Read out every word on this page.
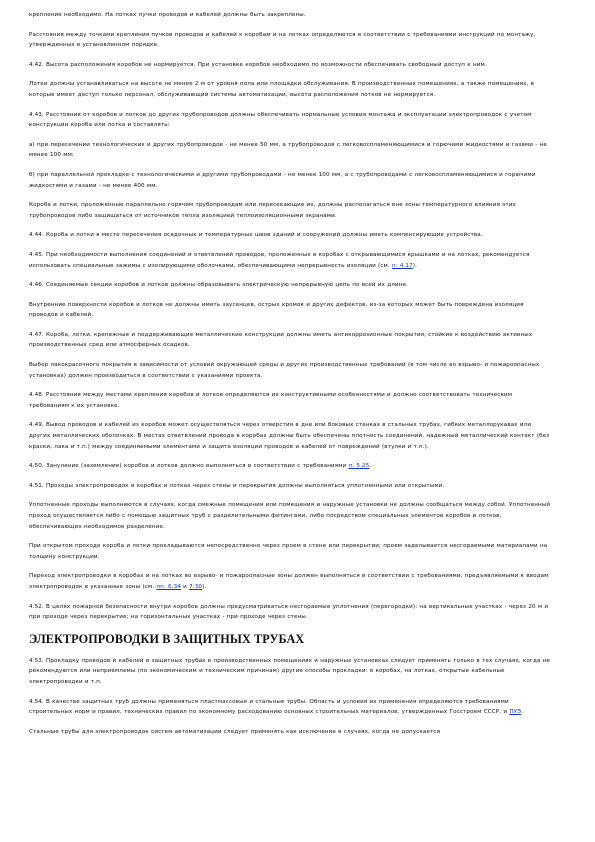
крепление необходимо. На лотках пучки проводов и кабелей должны быть закреплены.
Расстояния между точками крепления пучков проводов и кабелей к коробам и на лотках определяются в соответствии с требованиями инструкций по монтажу, утвержденных в установленном порядке.
4.42. Высота расположения коробов не нормируется. При установке коробов необходимо по возможности обеспечивать свободный доступ к ним.
Лотки должны устанавливаться на высоте не менее 2 м от уровня пола или площадки обслуживания. В производственных помещениях, а также помещениях, в которые имеет доступ только персонал, обслуживающий системы автоматизации, высота расположения лотков не нормируется.
4.43. Расстояния от коробов и лотков до других трубопроводов должны обеспечивать нормальные условия монтажа и эксплуатации электропроводок с учетом конструкции короба или лотка и составлять:
а) при пересечении технологических и других трубопроводов - не менее 50 мм, а трубопроводов с легковоспламеняющимися и горючими жидкостями и газами - не менее 100 мм;
б) при параллельной прокладке с технологическими и другими трубопроводами - не менее 100 мм, а с трубопроводами с легковоспламеняющимися и горючими жидкостями и газами - не менее 400 мм.
Короба и лотки, проложенные параллельно горячим трубопроводам или пересекающие их, должны располагаться вне зоны температурного влияния этих трубопроводов либо защищаться от источников тепла изоляцией теплоизоляционными экранами.
4.44. Короба и лотки в месте пересечения осадочных и температурных швов зданий и сооружений должны иметь компенсирующие устройства.
4.45. При необходимости выполнения соединений и ответвлений проводов, проложенных в коробах с открывающимися крышками и на лотках, рекомендуется использовать специальные зажимы с изолирующими оболочками, обеспечивающими непрерывность изоляции (см. п. 4.17).
4.46. Соединяемые секции коробов и лотков должны образовывать электрическую непрерывную цепь по всей их длине.
Внутренние поверхности коробов и лотков не должны иметь заусенцев, острых кромок и других дефектов, из-за которых может быть повреждена изоляция проводов и кабелей.
4.47. Короба, лотки, крепежные и поддерживающие металлические конструкции должны иметь антикоррозионные покрытия, стойкие к воздействию активных производственных сред или атмосферных осадков.
Выбор лакокрасочного покрытия в зависимости от условий окружающей среды и других производственных требований (в том числе во взрыво- и пожароопасных установках) должен производиться в соответствии с указаниями проекта.
4.48. Расстояния между местами крепления коробов и лотков определяются их конструктивными особенностями и должно соответствовать техническим требованиям к их установке.
4.49. Вывод проводов и кабелей из коробов может осуществляться через отверстия в дне или боковых стенках в стальных трубах, гибких металлорукавах или других металлических оболочках. В местах ответвлений провода в коробах должны быть обеспечены плотность соединений, надежный металлический контакт (без краски, лака и т.п.) между соединяемыми элементами и защита изоляции проводов и кабелей от повреждений (втулки и т.п.).
4.50. Зануление (заземление) коробов и лотков должно выполняться в соответствии с требованиями п. 5.25.
4.51. Проходы электропроводок в коробах и лотках через стены и перекрытия должны выполняться уплотненными или открытыми.
Уплотненные проходы выполняются в случаях, когда смежные помещения или помещения и наружные установки не должны сообщаться между собой. Уплотненный проход осуществляется либо с помощью защитных труб с разделительными фитингами, либо посредством специальных элементов коробов и лотков, обеспечивающих необходимое разделение.
При открытом проходе короба и лотки прокладываются непосредственно через проем в стене или перекрытии; проем заделывается несгораемыми материалами на толщину конструкции.
Переход электропроводки в коробах и на лотках во взрыво- и пожароопасные зоны должен выполняться в соответствии с требованиями, предъявляемыми к вводам электропроводок в указанные зоны (см. пп. 6.34 и 7.30).
4.52. В целях пожарной безопасности внутри коробов должны предусматриваться несгораемые уплотнения (перегородки): на вертикальных участках - через 20 м и при проходе через перекрытие; на горизонтальных участках - при проходе через стены.
ЭЛЕКТРОПРОВОДКИ В ЗАЩИТНЫХ ТРУБАХ
4.53. Прокладку проводов и кабелей в защитных трубах в производственных помещениях и наружных установках следует применять только в тех случаях, когда не рекомендуются или неприемлемы (по экономическим и техническим причинам) другие способы прокладки: в коробах, на лотках, открытые кабельные электропроводки и т.п.
4.54. В качестве защитных труб должны применяться пластмассовые и стальные трубы. Область и условия их применения определяются требованиями строительных норм и правил, технических правил по экономному расходованию основных строительных материалов, утвержденных Госстроем СССР, и ПУЭ.
Стальные трубы для электропроводок систем автоматизации следует применять как исключение в случаях, когда не допускается
